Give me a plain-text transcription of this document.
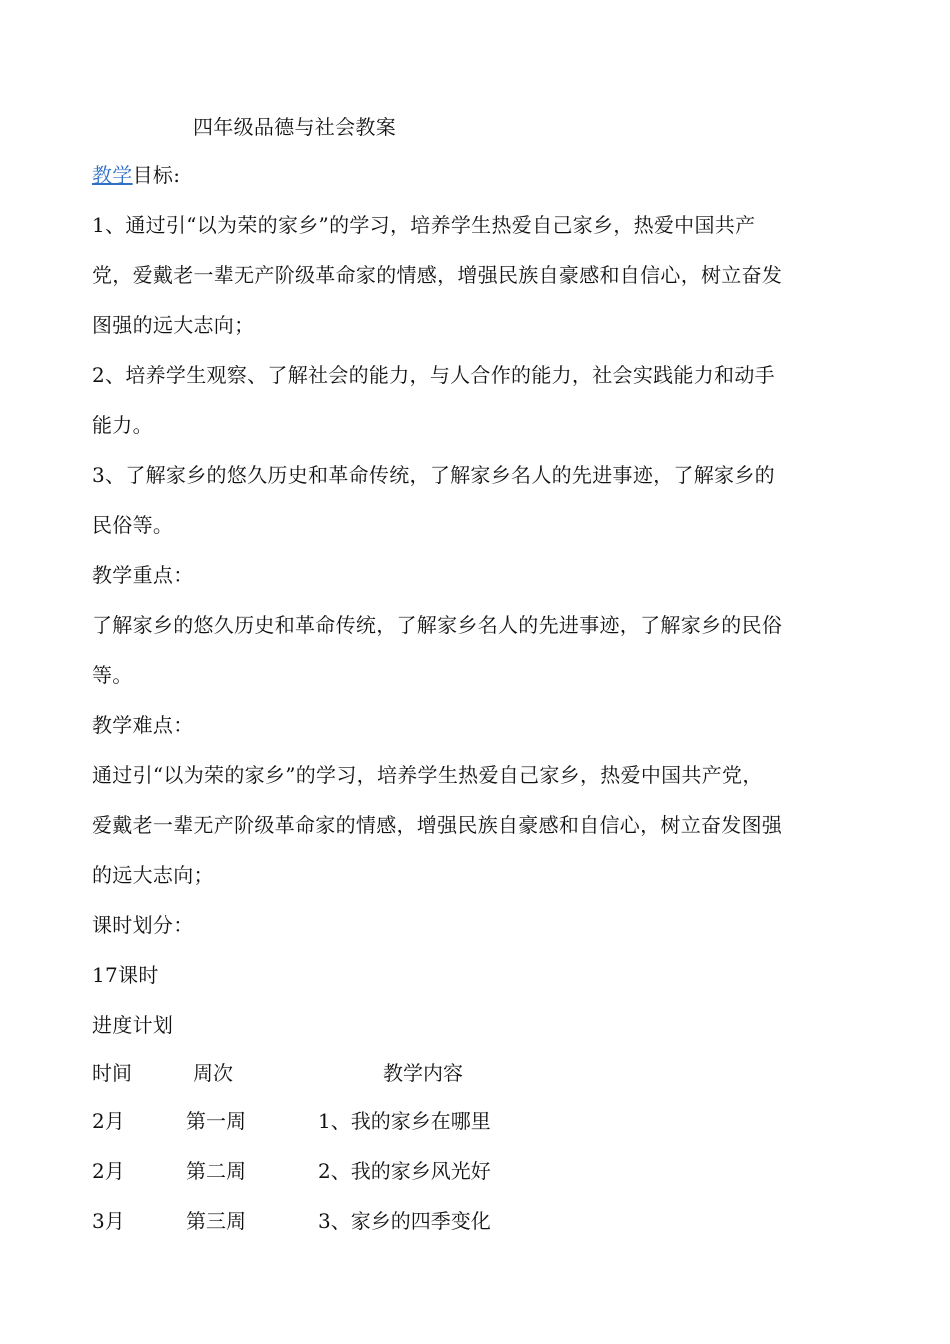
四年级品德与社会教案
教学目标:
1、通过引“以为荣的家乡”的学习，培养学生热爱自己家乡，热爱中国共产
党，爱戴老一辈无产阶级革命家的情感，增强民族自豪感和自信心，树立奋发
图强的远大志向；
2、培养学生观察、了解社会的能力，与人合作的能力，社会实践能力和动手
能力。
3、了解家乡的悠久历史和革命传统，了解家乡名人的先进事迹，了解家乡的
民俗等。
教学重点：
了解家乡的悠久历史和革命传统，了解家乡名人的先进事迹，了解家乡的民俗
等。
教学难点：
通过引“以为荣的家乡”的学习，培养学生热爱自己家乡，热爱中国共产党，
爱戴老一辈无产阶级革命家的情感，增强民族自豪感和自信心，树立奋发图强
的远大志向；
课时划分：
17课时
进度计划
时间	周次	教学内容
2月	第一周	1、我的家乡在哪里
2月	第二周	2、我的家乡风光好
3月	第三周	3、家乡的四季变化
